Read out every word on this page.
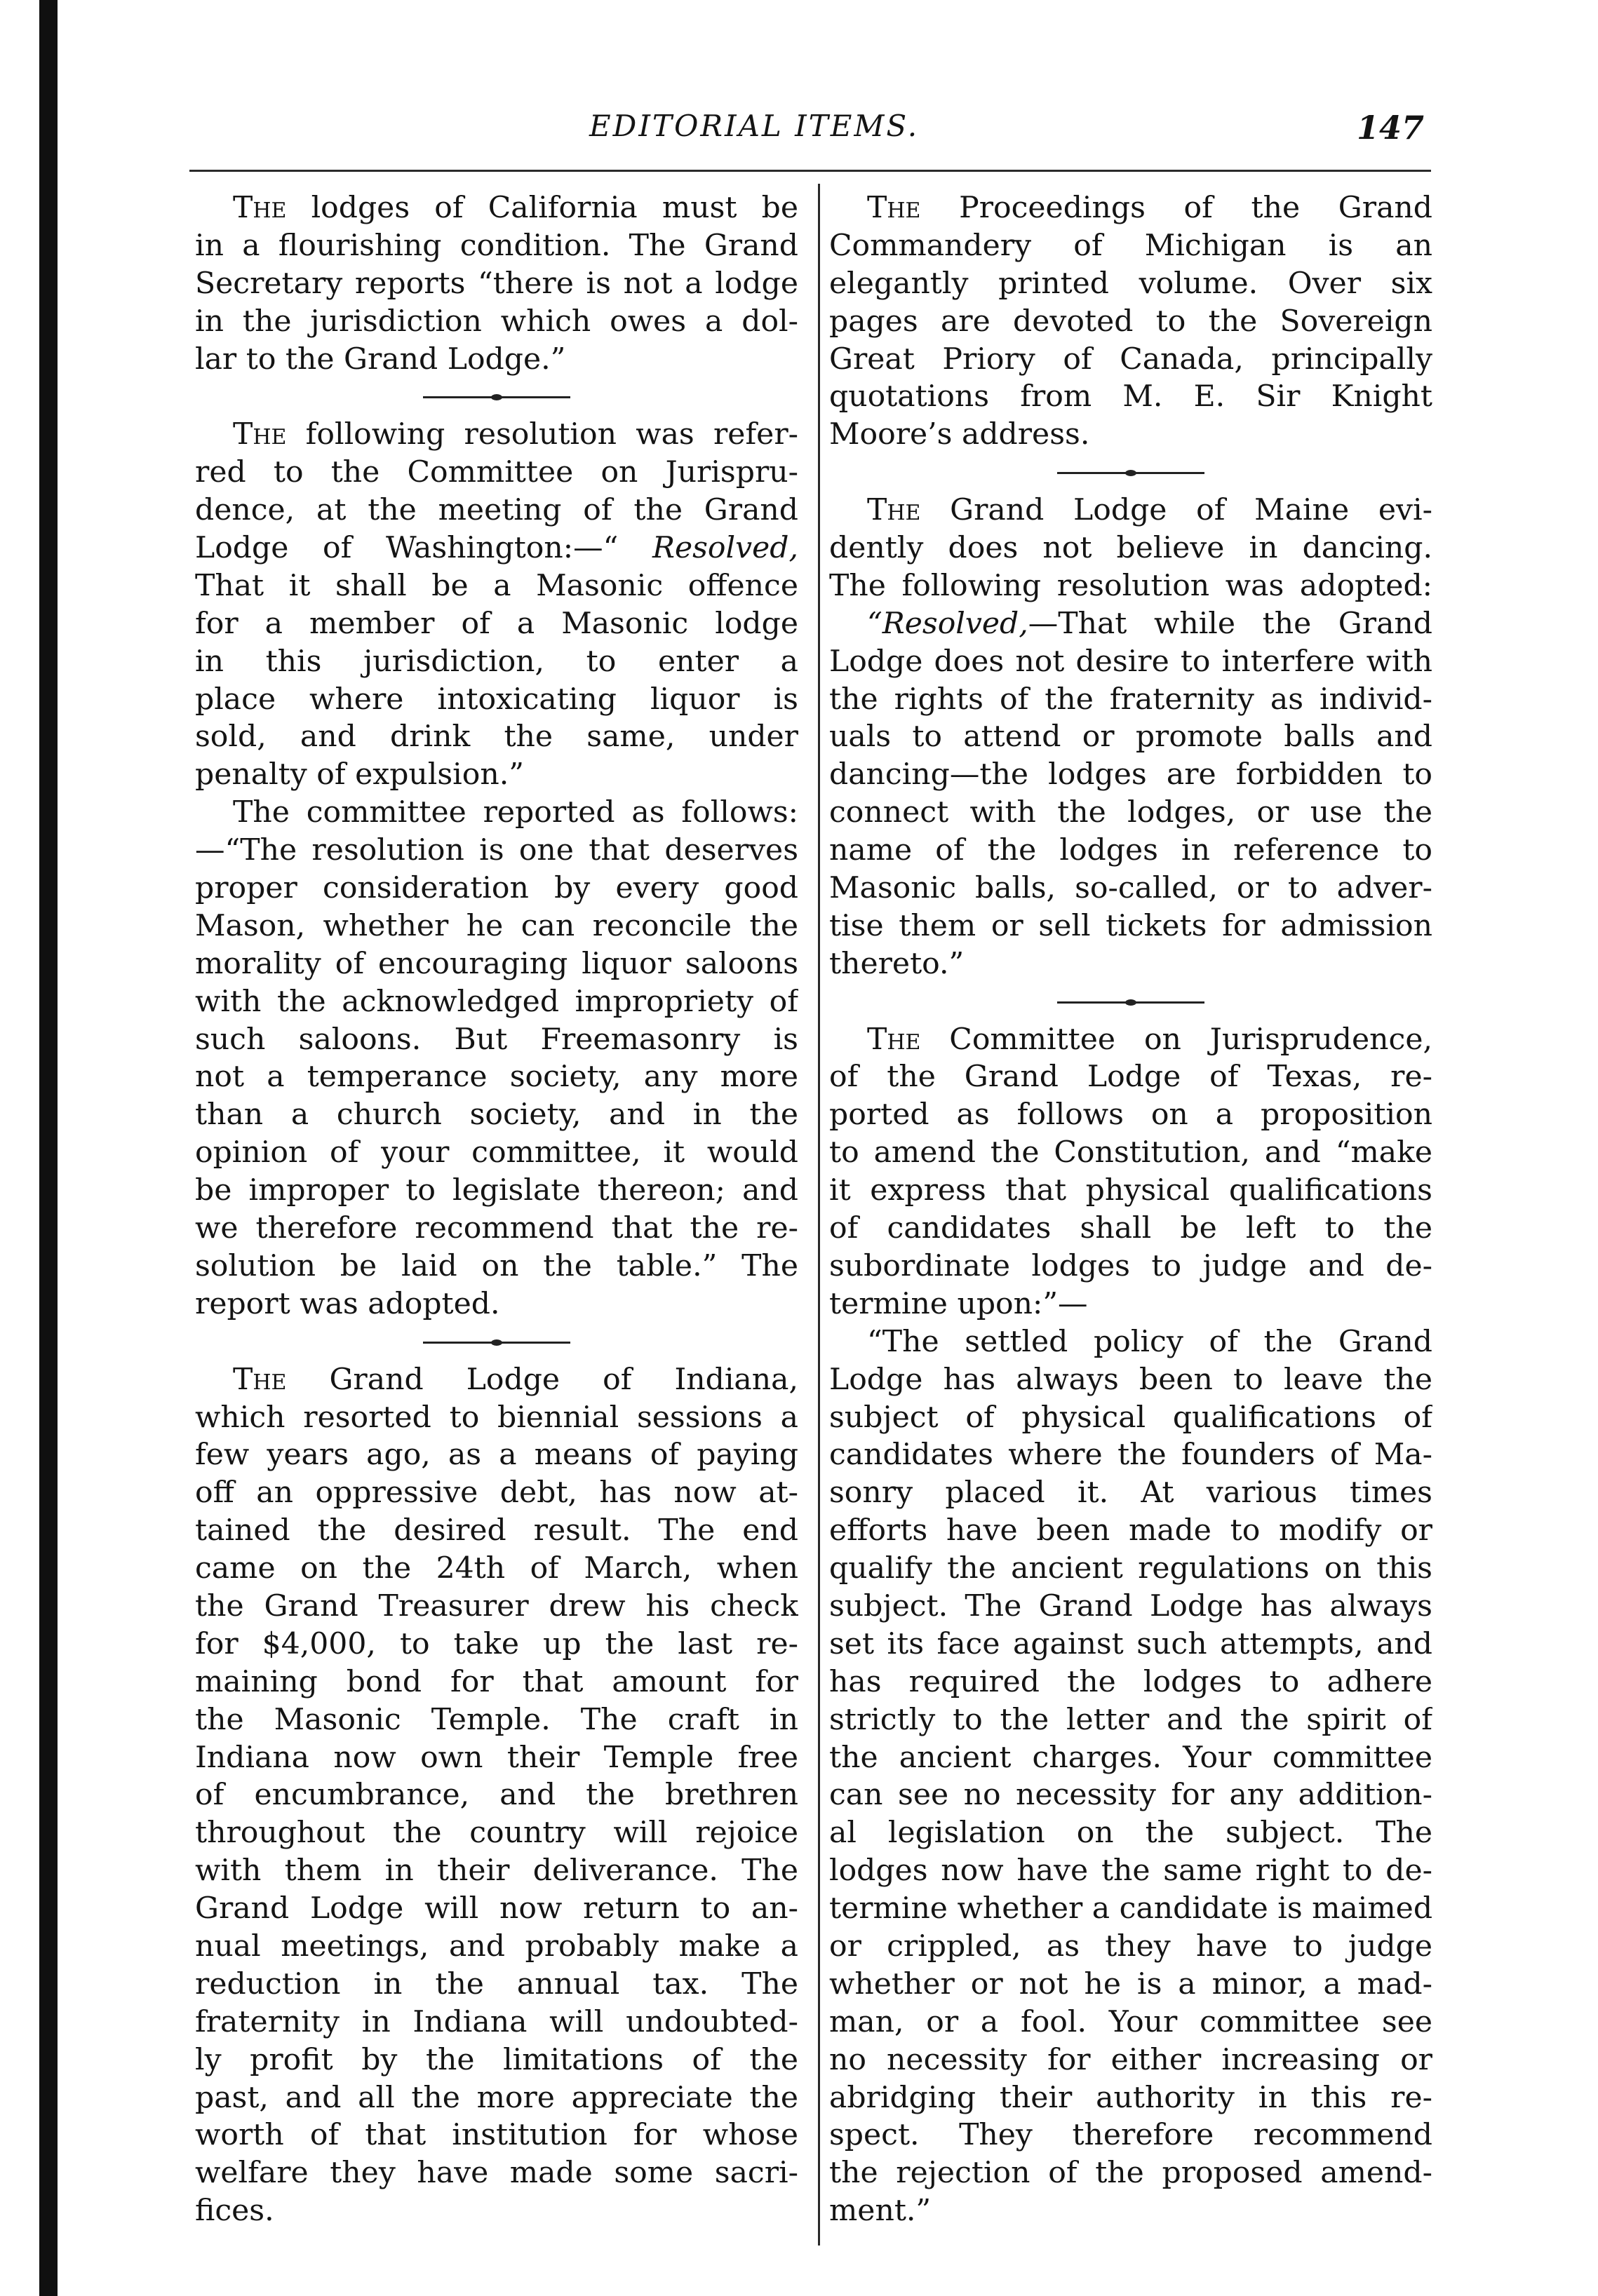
EDITORIAL ITEMS.	147
The lodges of California must be
in a flourishing condition. The Grand
Secretary reports “there is not a lodge
in the jurisdiction which owes a dol-
lar to the Grand Lodge.”
The following resolution was refer-
red to the Committee on Jurispru-
dence, at the meeting of the Grand
Lodge of Washington:—“ Resolved,
That it shall be a Masonic offence
for a member of a Masonic lodge
in this jurisdiction, to enter a
place where intoxicating liquor is
sold, and drink the same, under
penalty of expulsion.”
The committee reported as follows:
—“The resolution is one that deserves
proper consideration by every good
Mason, whether he can reconcile the
morality of encouraging liquor saloons
with the acknowledged impropriety of
such saloons. But Freemasonry is
not a temperance society, any more
than a church society, and in the
opinion of your committee, it would
be improper to legislate thereon; and
we therefore recommend that the re-
solution be laid on the table.” The
report was adopted.
The Grand Lodge of Indiana,
which resorted to biennial sessions a
few years ago, as a means of paying
off an oppressive debt, has now at-
tained the desired result. The end
came on the 24th of March, when
the Grand Treasurer drew his check
for $4,000, to take up the last re-
maining bond for that amount for
the Masonic Temple. The craft in
Indiana now own their Temple free
of encumbrance, and the brethren
throughout the country will rejoice
with them in their deliverance. The
Grand Lodge will now return to an-
nual meetings, and probably make a
reduction in the annual tax. The
fraternity in Indiana will undoubted-
ly profit by the limitations of the
past, and all the more appreciate the
worth of that institution for whose
welfare they have made some sacri-
fices.
The Proceedings of the Grand
Commandery of Michigan is an
elegantly printed volume. Over six
pages are devoted to the Sovereign
Great Priory of Canada, principally
quotations from M. E. Sir Knight
Moore’s address.
The Grand Lodge of Maine evi-
dently does not believe in dancing.
The following resolution was adopted:
“Resolved,—That while the Grand
Lodge does not desire to interfere with
the rights of the fraternity as individ-
uals to attend or promote balls and
dancing—the lodges are forbidden to
connect with the lodges, or use the
name of the lodges in reference to
Masonic balls, so-called, or to adver-
tise them or sell tickets for admission
thereto.”
The Committee on Jurisprudence,
of the Grand Lodge of Texas, re-
ported as follows on a proposition
to amend the Constitution, and “make
it express that physical qualifications
of candidates shall be left to the
subordinate lodges to judge and de-
termine upon:”—
“The settled policy of the Grand
Lodge has always been to leave the
subject of physical qualifications of
candidates where the founders of Ma-
sonry placed it. At various times
efforts have been made to modify or
qualify the ancient regulations on this
subject. The Grand Lodge has always
set its face against such attempts, and
has required the lodges to adhere
strictly to the letter and the spirit of
the ancient charges. Your committee
can see no necessity for any addition-
al legislation on the subject. The
lodges now have the same right to de-
termine whether a candidate is maimed
or crippled, as they have to judge
whether or not he is a minor, a mad-
man, or a fool. Your committee see
no necessity for either increasing or
abridging their authority in this re-
spect. They therefore recommend
the rejection of the proposed amend-
ment.”
